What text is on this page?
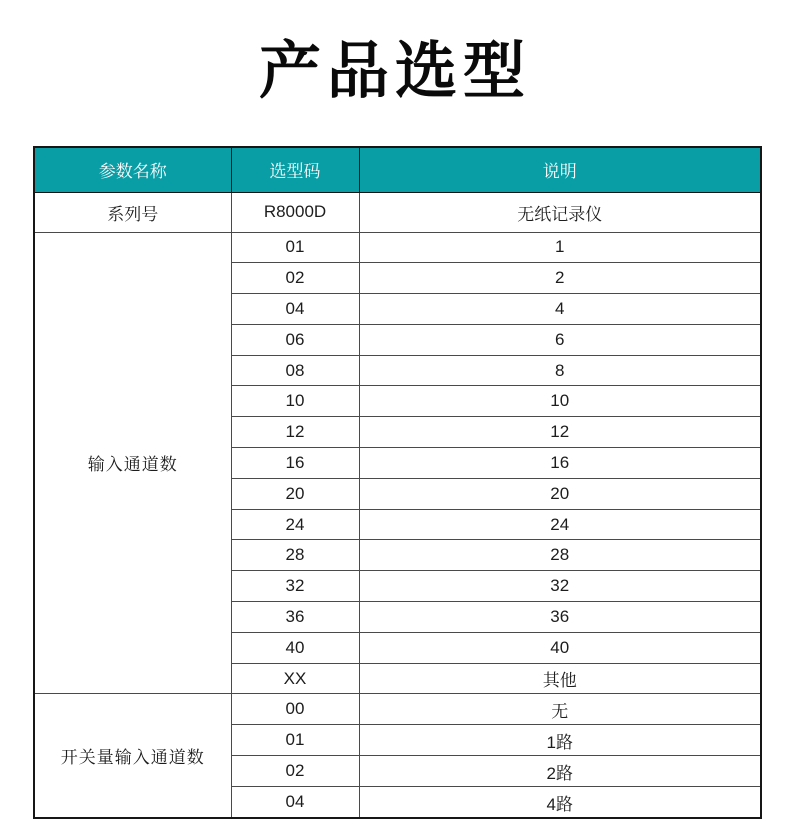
产品选型
参数名称	选型码	说明
系列号	R8000D	无纸记录仪
输入通道数	01	1
	02	2
	04	4
	06	6
	08	8
	10	10
	12	12
	16	16
	20	20
	24	24
	28	28
	32	32
	36	36
	40	40
	XX	其他
开关量输入通道数	00	无
	01	1路
	02	2路
	04	4路
